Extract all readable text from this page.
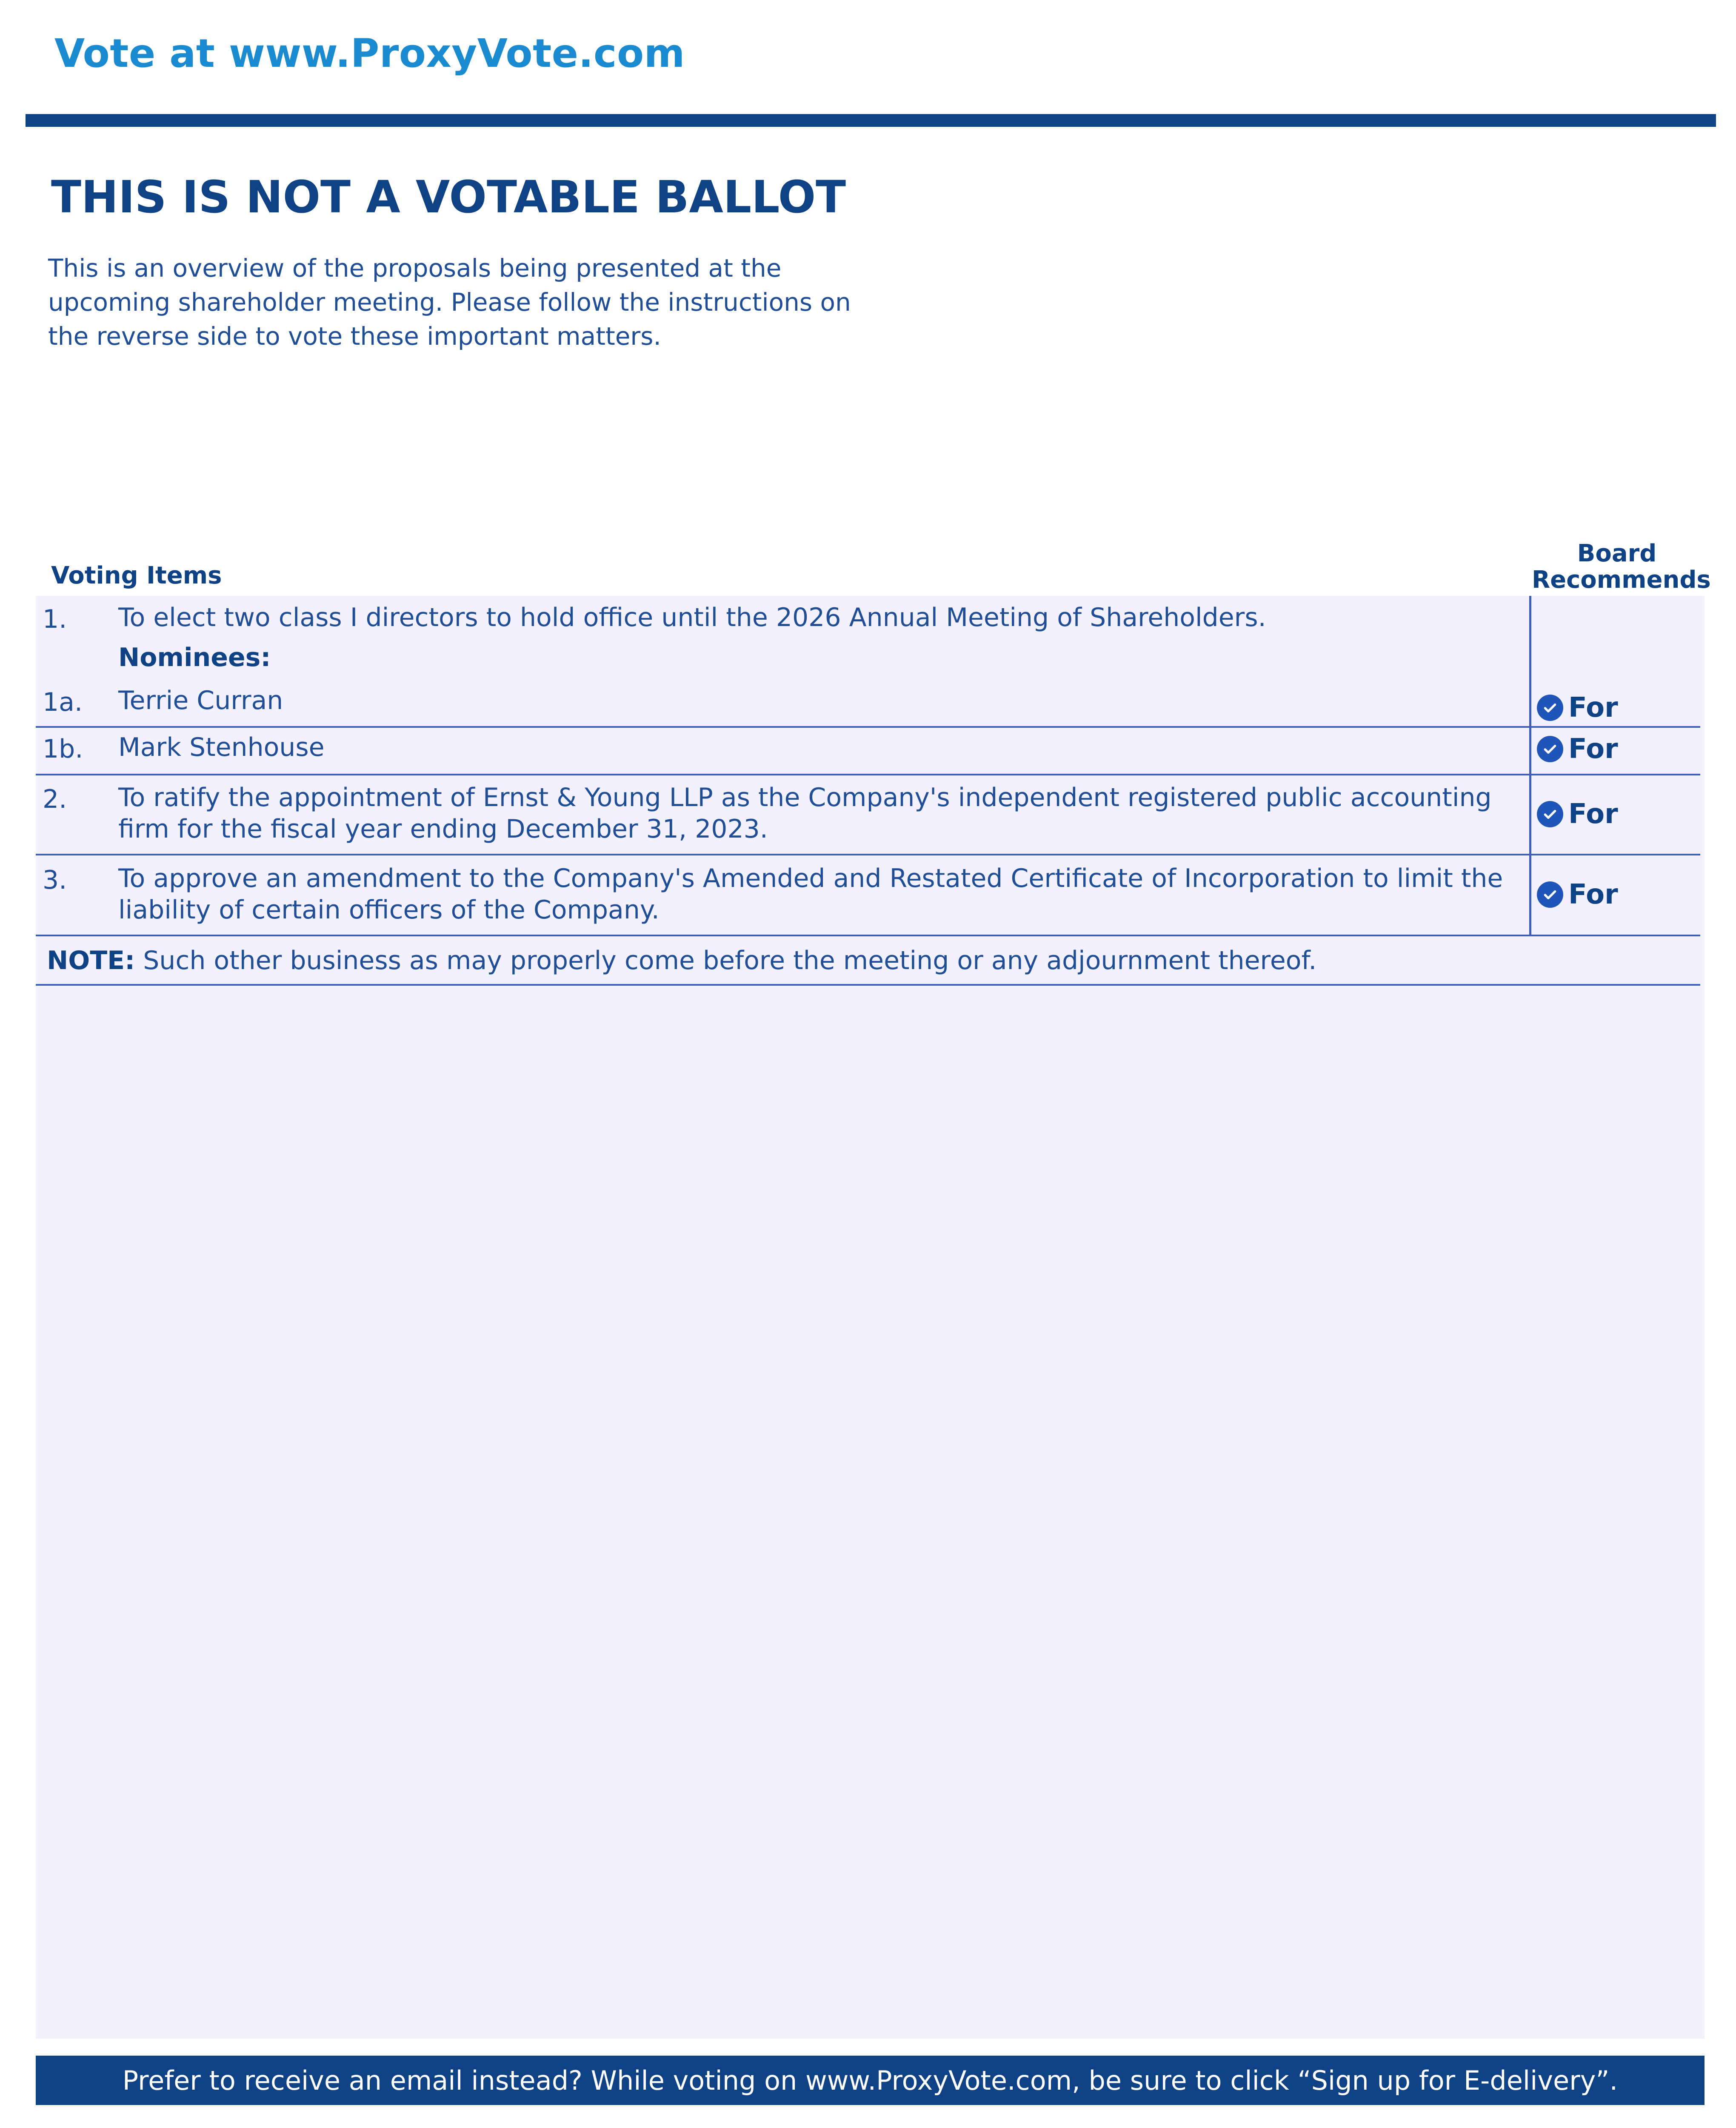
Vote at www.ProxyVote.com
THIS IS NOT A VOTABLE BALLOT
This is an overview of the proposals being presented at the upcoming shareholder meeting. Please follow the instructions on the reverse side to vote these important matters.
Voting Items
Board
Recommends
1. To elect two class I directors to hold office until the 2026 Annual Meeting of Shareholders.
Nominees:
1a. Terrie Curran	For
1b. Mark Stenhouse	For
2. To ratify the appointment of Ernst & Young LLP as the Company's independent registered public accounting firm for the fiscal year ending December 31, 2023.	For
3. To approve an amendment to the Company's Amended and Restated Certificate of Incorporation to limit the liability of certain officers of the Company.	For
NOTE: Such other business as may properly come before the meeting or any adjournment thereof.
Prefer to receive an email instead? While voting on www.ProxyVote.com, be sure to click “Sign up for E-delivery”.
